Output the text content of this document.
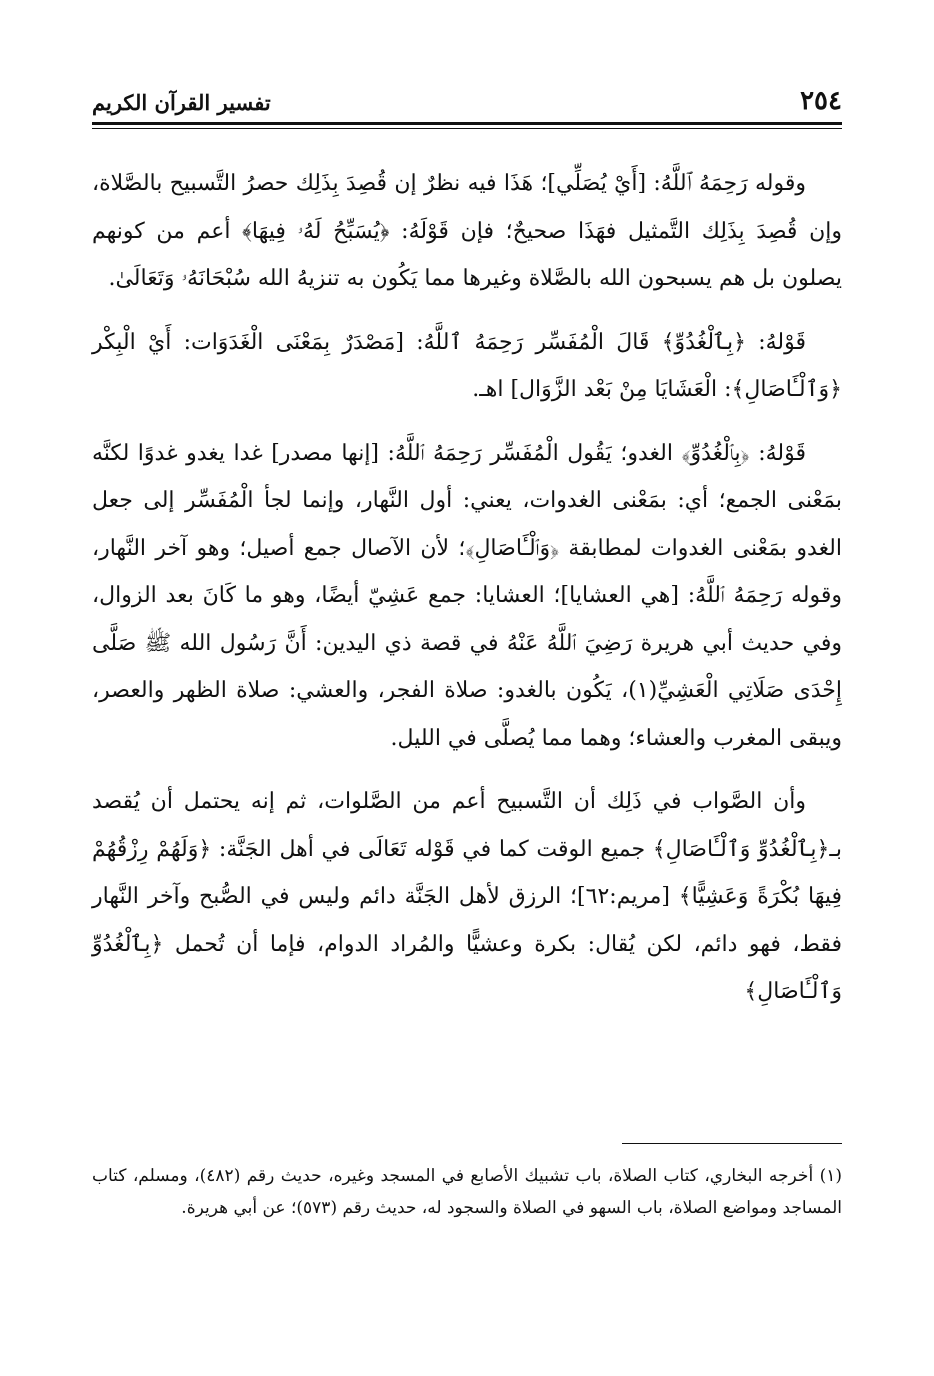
٢٥٤
تفسير القرآن الكريم

وقوله رَحِمَهُ ٱللَّهُ: [أَيْ يُصَلِّي]؛ هَذَا فيه نظرٌ إن قُصِدَ بِذَلِك حصرُ التَّسبيح بالصَّلاة، وإن قُصِدَ بِذَلِك التَّمثيل فهَذَا صحيحٌ؛ فإن قَوْلَهُ: ﴿يُسَبِّحُ لَهُۥ فِيهَا﴾ أعم من كونهم يصلون بل هم يسبحون الله بالصَّلاة وغيرها مما يَكُون به تنزيهُ الله سُبْحَانَهُۥ وَتَعَالَىٰ.

قَوْلهُ: ﴿بِٱلْغُدُوِّ﴾ قَالَ الْمُفَسِّر رَحِمَهُ ٱللَّهُ: [مَصْدَرٌ بِمَعْنَى الْغَدَوَات: أَيْ الْبِكْر ﴿وَٱلْـَٔاصَالِ﴾: الْعَشَايَا مِنْ بَعْد الزَّوَال] اهـ.

قَوْلهُ: ﴿بِٱلْغُدُوِّ﴾ الغدو؛ يَقُول الْمُفَسِّر رَحِمَهُ ٱللَّهُ: [إنها مصدر] غدا يغدو غدوًا لكنَّه بمَعْنى الجمع؛ أي: بمَعْنى الغدوات، يعني: أول النَّهار، وإنما لجأ الْمُفَسِّر إلى جعل الغدو بمَعْنى الغدوات لمطابقة ﴿وَٱلْـَٔاصَالِ﴾؛ لأن الآصال جمع أصيل؛ وهو آخر النَّهار، وقوله رَحِمَهُ ٱللَّهُ: [هي العشايا]؛ العشايا: جمع عَشِيّ أيضًا، وهو ما كَانَ بعد الزوال، وفي حديث أبي هريرة رَضِيَ ٱللَّهُ عَنْهُ في قصة ذي اليدين: أَنَّ رَسُول الله ﷺ صَلَّى إِحْدَى صَلَاتِي الْعَشِيِّ(١)، يَكُون بالغدو: صلاة الفجر، والعشي: صلاة الظهر والعصر، ويبقى المغرب والعشاء؛ وهما مما يُصلَّى في الليل.

وأن الصَّواب في ذَلِك أن التَّسبيح أعم من الصَّلوات، ثم إنه يحتمل أن يُقصد بـ﴿بِٱلْغُدُوِّ وَٱلْـَٔاصَالِ﴾ جميع الوقت كما في قَوْله تَعَالَى في أهل الجَنَّة: ﴿وَلَهُمْ رِزْقُهُمْ فِيهَا بُكْرَةً وَعَشِيًّا﴾ [مريم:٦٢]؛ الرزق لأهل الجَنَّة دائم وليس في الصُّبح وآخر النَّهار فقط، فهو دائم، لكن يُقال: بكرة وعشيًّا والمُراد الدوام، فإما أن تُحمل ﴿بِٱلْغُدُوِّ وَٱلْـَٔاصَالِ﴾

(١) أخرجه البخاري، كتاب الصلاة، باب تشبيك الأصابع في المسجد وغيره، حديث رقم (٤٨٢)، ومسلم، كتاب المساجد ومواضع الصلاة، باب السهو في الصلاة والسجود له، حديث رقم (٥٧٣)؛ عن أبي هريرة.
